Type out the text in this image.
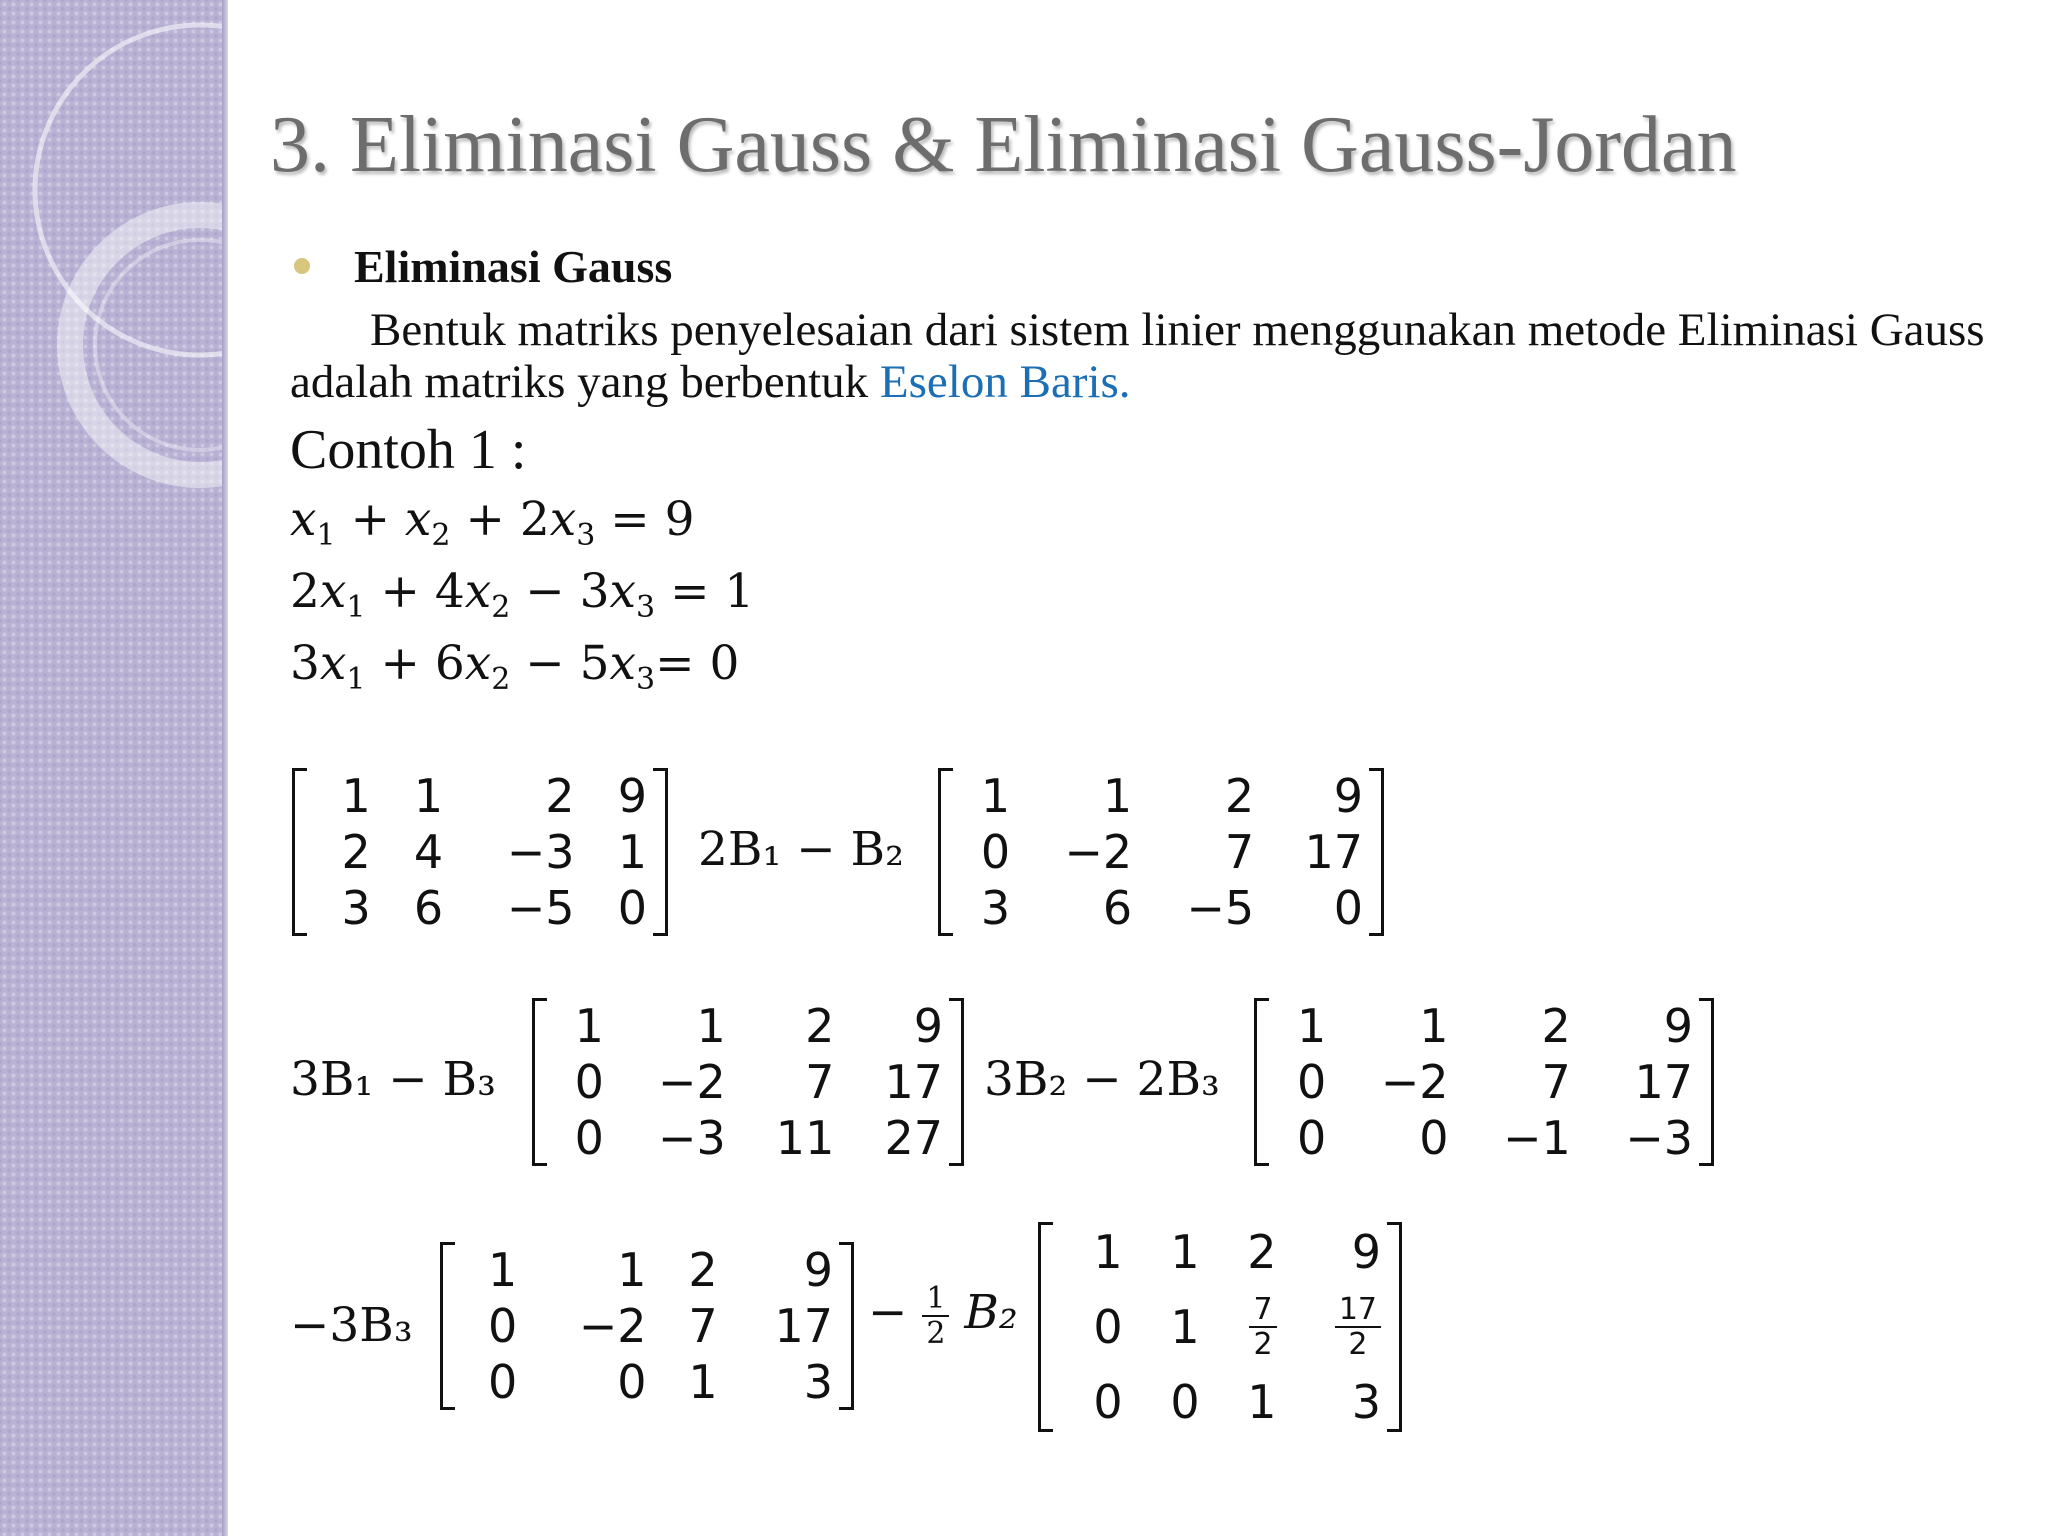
3. Eliminasi Gauss & Eliminasi Gauss-Jordan
Eliminasi Gauss
Bentuk matriks penyelesaian dari sistem linier menggunakan metode Eliminasi Gauss adalah matriks yang berbentuk Eselon Baris.
Contoh 1 :
$x_1 + x_2 + 2x_3 = 9$
$2x_1 + 4x_2 - 3x_3 = 1$
$3x_1 + 6x_2 - 5x_3= 0$
1	1	2	9
2	4	−3	1
3	6	−5	0
2B₁ − B₂
1	1	2	9
0	−2	7	17
3	6	−5	0
3B₁ − B₃
1	1	2	9
0	−2	7	17
0	−3	11	27
3B₂ − 2B₃
1	1	2	9
0	−2	7	17
0	0	−1	−3
−3B₃
1	1	2	9
0	−2	7	17
0	0	1	3
− $\frac{1}{2} B_2$
1	1	2	9
0	1	$\frac{7}{2}$	$\frac{17}{2}$

0	0	1	3
